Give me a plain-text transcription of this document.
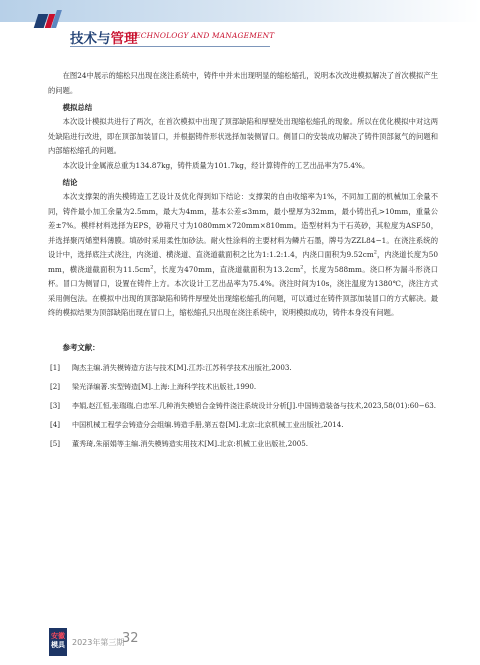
技术与管理
TECHNOLOGY AND MANAGEMENT

在图24中展示的缩松只出现在浇注系统中，铸件中并未出现明显的缩松缩孔，说明本次改进模拟解决了首次模拟产生的问题。

模拟总结

本次设计模拟共进行了两次，在首次模拟中出现了顶部缺陷和厚壁处出现缩松缩孔的现象。所以在优化模拟中对这两处缺陷进行改进，即在顶部加装冒口，并根据铸件形状选择加装侧冒口。侧冒口的安装成功解决了铸件顶部氮气的问题和内部缩松缩孔的问题。

本次设计金属液总重为134.87kg，铸件质量为101.7kg，经计算铸件的工艺出品率为75.4%。

结论

本次支撑架的消失模铸造工艺设计及优化得到如下结论：支撑架的自由收缩率为1%，不同加工面的机械加工余量不同，铸件最小加工余量为2.5mm，最大为4mm，基本公差≤3mm，最小壁厚为32mm，最小铸出孔>10mm，重量公差±7%。模样材料选择为EPS，砂箱尺寸为1080mm×720mm×810mm。造型材料为干石英砂，其粒度为ASF50，并选择聚丙烯塑料薄膜。填砂时采用柔性加砂法。耐火性涂料的主要材料为鳞片石墨，牌号为ZZL84−1。在浇注系统的设计中，选择底注式浇注，内浇道、横浇道、直浇道截面积之比为1:1.2:1.4，内浇口面积为$9.52cm^2$，内浇道长度为50mm，横浇道截面积为$11.5cm^2$，长度为470mm，直浇道截面积为$13.2cm^2$，长度为588mm。浇口杯为漏斗形浇口杯。冒口为侧冒口，设置在铸件上方。本次设计工艺出品率为75.4%。浇注时间为10s，浇注温度为1380℃，浇注方式采用侧包法。在模拟中出现的顶部缺陷和铸件厚壁处出现缩松缩孔的问题，可以通过在铸件顶部加装冒口的方式解决。最终的模拟结果为顶部缺陷出现在冒口上，缩松缩孔只出现在浇注系统中，说明模拟成功，铸件本身没有问题。

参考文献：
[1]	陶杰主编.消失模铸造方法与技术[M].江苏:江苏科学技术出版社,2003.
[2]	梁光泽编著.实型铸造[M].上海:上海科学技术出版社,1990.
[3]	李娟,赵江恒,张瑞瑞,白忠军.几种消失模铝合金铸件浇注系统设计分析[J].中国铸造装备与技术,2023,58(01):60−63.
[4]	中国机械工程学会铸造分会组编.铸造手册,第五卷[M].北京:北京机械工业出版社,2014.
[5]	董秀琦,朱丽娟等主编.消失模铸造实用技术[M].北京:机械工业出版社,2005.
安徽
模具 2023年第三期
32
